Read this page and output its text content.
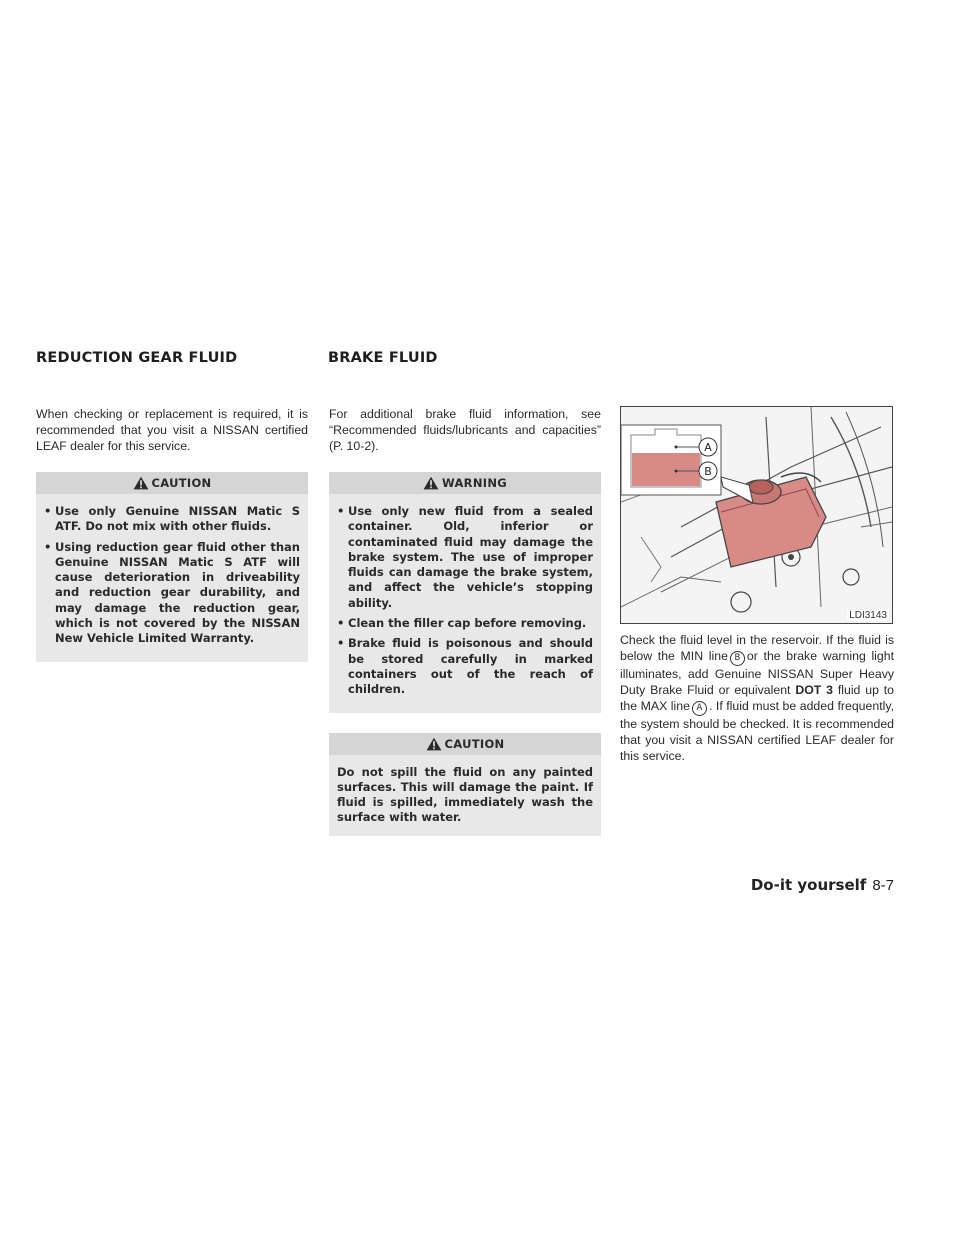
REDUCTION GEAR FLUID	BRAKE FLUID

When checking or replacement is required, it is recommended that you visit a NISSAN certified LEAF dealer for this service.

CAUTION
• Use only Genuine NISSAN Matic S ATF. Do not mix with other fluids.
• Using reduction gear fluid other than Genuine NISSAN Matic S ATF will cause deterioration in driveability and reduction gear durability, and may damage the reduction gear, which is not covered by the NISSAN New Vehicle Limited Warranty.

For additional brake fluid information, see “Recommended fluids/lubricants and capacities” (P. 10-2).

WARNING
• Use only new fluid from a sealed container. Old, inferior or contaminated fluid may damage the brake system. The use of improper fluids can damage the brake system, and affect the vehicle’s stopping ability.
• Clean the filler cap before removing.
• Brake fluid is poisonous and should be stored carefully in marked containers out of the reach of children.
CAUTION

Do not spill the fluid on any painted surfaces. This will damage the paint. If fluid is spilled, immediately wash the surface with water.

A
B
LDI3143

Check the fluid level in the reservoir. If the fluid is below the MIN line B or the brake warning light illuminates, add Genuine NISSAN Super Heavy Duty Brake Fluid or equivalent DOT 3 fluid up to the MAX line A . If fluid must be added frequently, the system should be checked. It is recommended that you visit a NISSAN certified LEAF dealer for this service.

Do-it yourself 8-7
